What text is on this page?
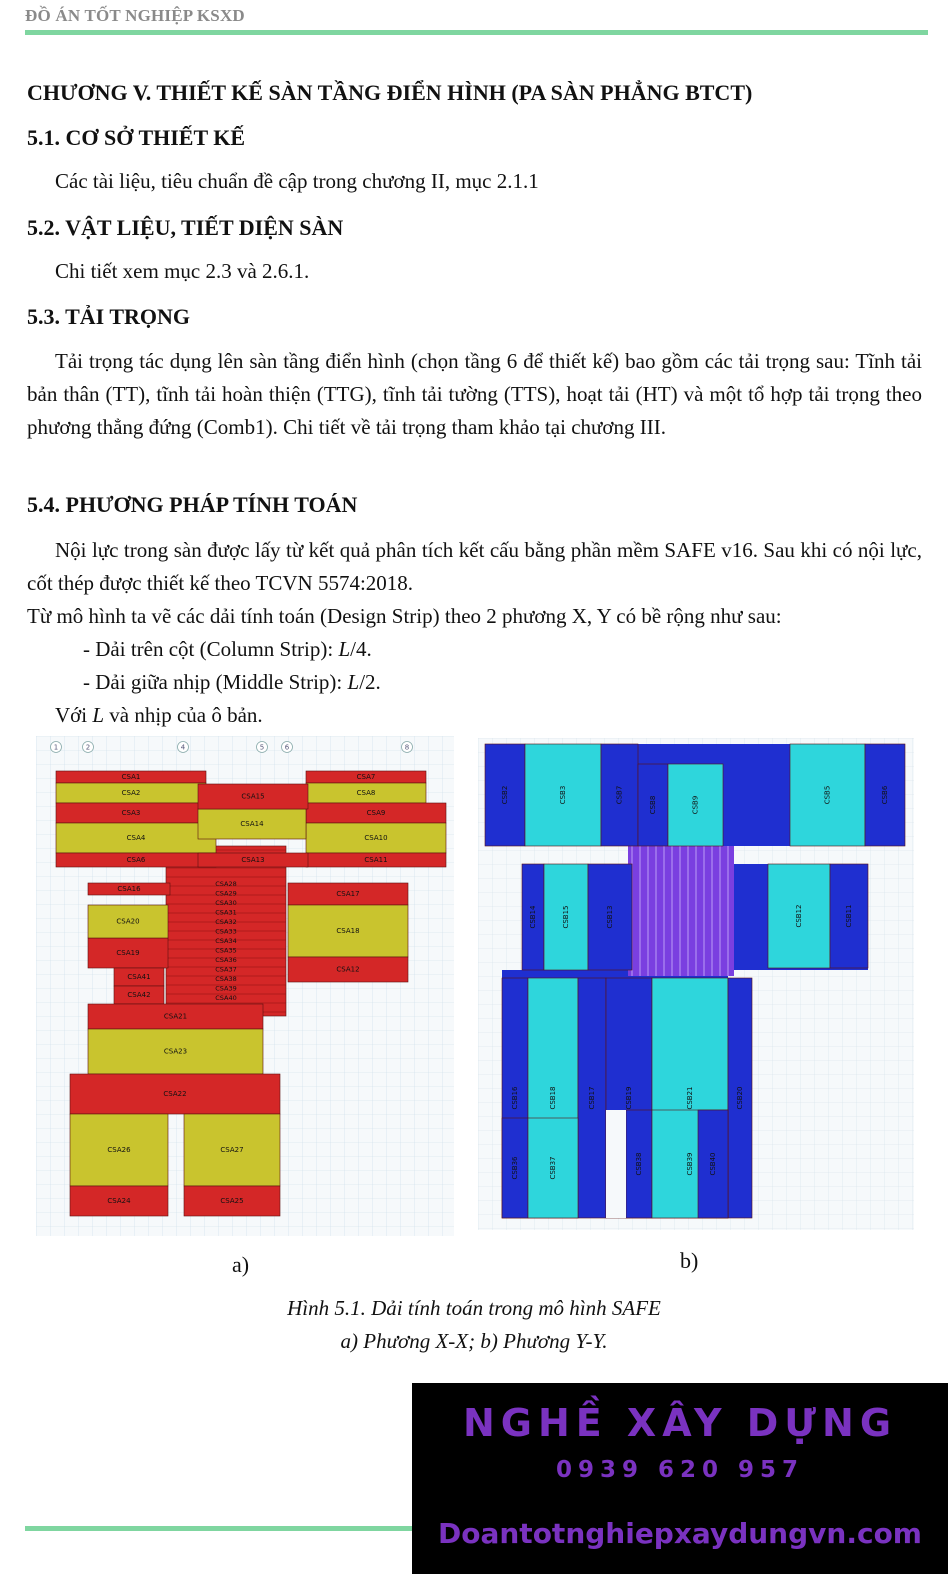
ĐỒ ÁN TỐT NGHIỆP KSXD
CHƯƠNG V. THIẾT KẾ SÀN TẦNG ĐIỂN HÌNH (PA SÀN PHẲNG BTCT)
5.1. CƠ SỞ THIẾT KẾ
Các tài liệu, tiêu chuẩn đề cập trong chương II, mục 2.1.1
5.2. VẬT LIỆU, TIẾT DIỆN SÀN
Chi tiết xem mục 2.3 và 2.6.1.
5.3. TẢI TRỌNG
Tải trọng tác dụng lên sàn tầng điển hình (chọn tầng 6 để thiết kế) bao gồm các tải trọng sau: Tĩnh tải bản thân (TT), tĩnh tải hoàn thiện (TTG), tĩnh tải tường (TTS), hoạt tải (HT) và một tổ hợp tải trọng theo phương thẳng đứng (Comb1). Chi tiết về tải trọng tham khảo tại chương III.
5.4. PHƯƠNG PHÁP TÍNH TOÁN
Nội lực trong sàn được lấy từ kết quả phân tích kết cấu bằng phần mềm SAFE v16. Sau khi có nội lực, cốt thép được thiết kế theo TCVN 5574:2018.
Từ mô hình ta vẽ các dải tính toán (Design Strip) theo 2 phương X, Y có bề rộng như sau:
- Dải trên cột (Column Strip): L/4.
- Dải giữa nhịp (Middle Strip): L/2.
Với L và nhịp của ô bản.
1	2	4	5	6	8
CSA1
CSA2
CSA3
CSA4
CSA6
CSA7
CSA8
CSA9
CSA10
CSA11
CSA13
CSA14
CSA15
CSA16
CSA17
CSA18
CSA19
CSA20
CSA12
CSA41
CSA42
CSA21
CSA23
CSA22
CSA26	CSA27
CSA24	CSA25
CSA28
CSA29
CSA30
CSA31
CSA32
CSA33
CSA34
CSA35
CSA36
CSA37
CSA38
CSA39
CSA40
CSB2	CSB3	CSB7
CSB8	CSB9
CSB5	CSB6
CSB14	CSB15	CSB13	CSB12	CSB11
CSB16	CSB18	CSB17	CSB19	CSB21	CSB20
CSB36	CSB37	CSB38	CSB39 CSB40
a)	b)
Hình 5.1. Dải tính toán trong mô hình SAFE
a) Phương X-X; b) Phương Y-Y.
NGHỀ XÂY DỰNG
0939 620 957
Doantotnghiepxaydungvn.com
